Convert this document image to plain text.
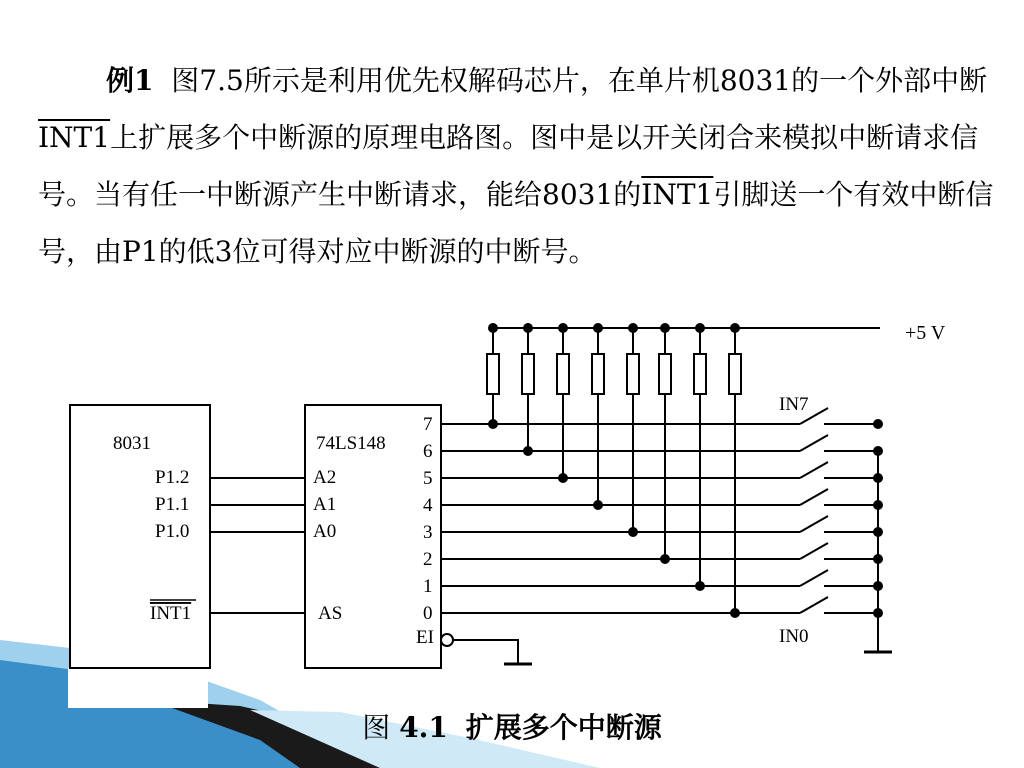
例1 图7.5所示是利用优先权解码芯片，在单片机8031的一个外部中断INT1上扩展多个中断源的原理电路图。图中是以开关闭合来模拟中断请求信号。当有任一中断源产生中断请求，能给8031的INT1引脚送一个有效中断信号，由P1的低3位可得对应中断源的中断号。
+5 V
8031
P1.2
P1.1
P1.0
INT1
74LS148
A2
A1
A0
AS
EI
7
6
5
4
3
2
1
0
IN7
IN0
图 4.1 扩展多个中断源
